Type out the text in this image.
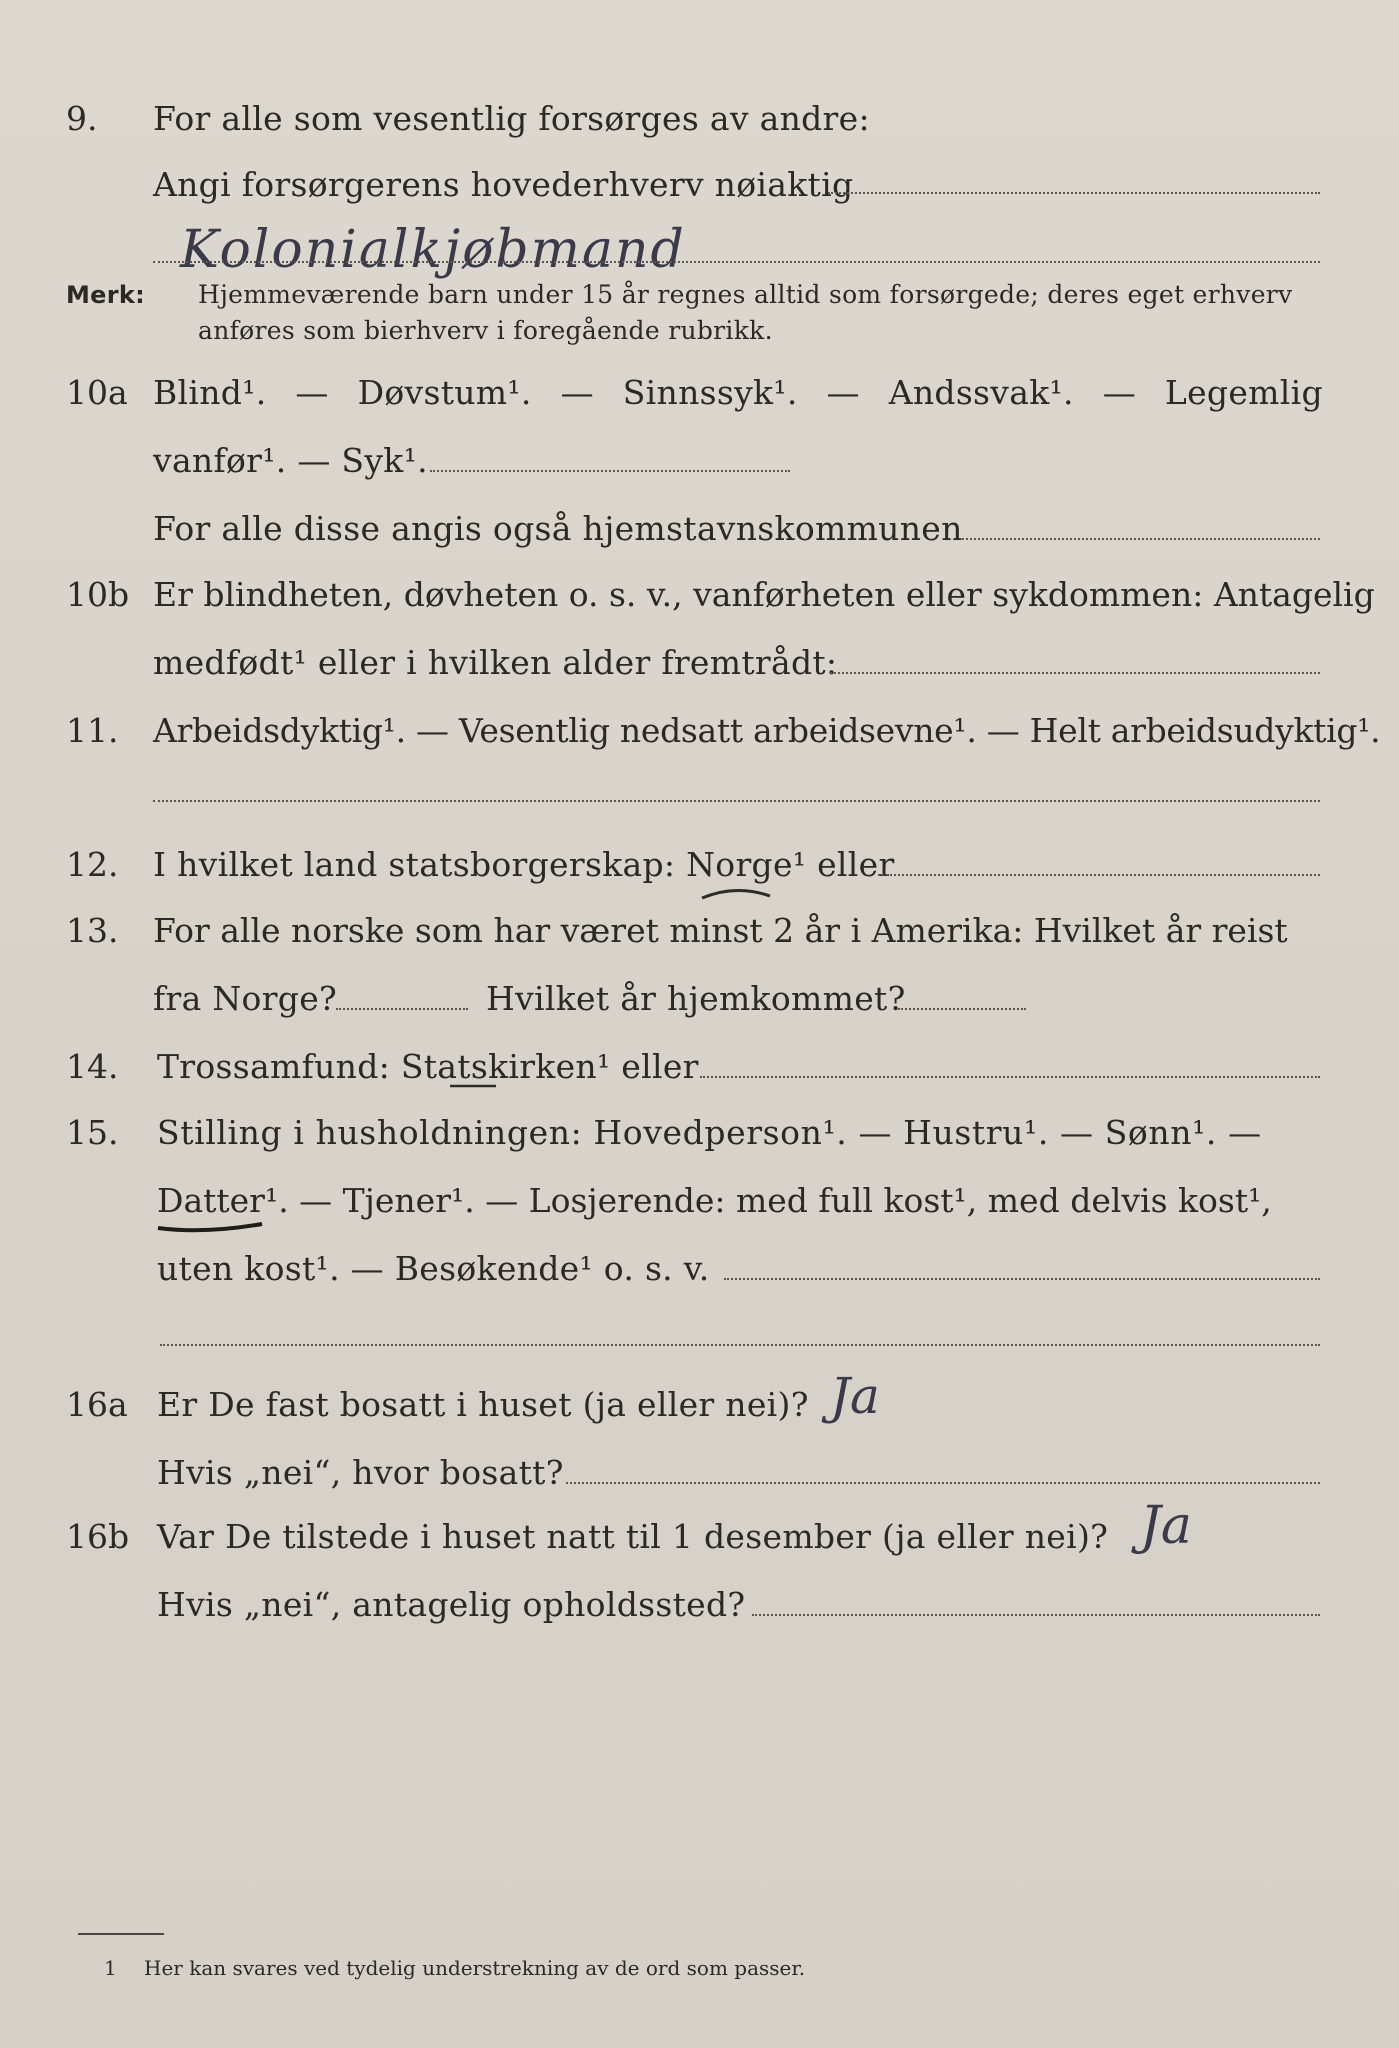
9.	For alle som vesentlig forsørges av andre:
Angi forsørgerens hovederhverv nøiaktig
Kolonialkjøbmand
Merk: Hjemmeværende barn under 15 år regnes alltid som forsørgede; deres eget erhverv
anføres som bierhverv i foregående rubrikk.
10a Blind¹. — Døvstum¹. — Sinnssyk¹. — Andssvak¹. — Legemlig
vanfør¹. — Syk¹.
For alle disse angis også hjemstavnskommunen
10b Er blindheten, døvheten o. s. v., vanførheten eller sykdommen: Antagelig
medfødt¹ eller i hvilken alder fremtrådt:
11.	Arbeidsdyktig¹. — Vesentlig nedsatt arbeidsevne¹. — Helt arbeidsudyktig¹.
12.	I hvilket land statsborgerskap: Norge¹ eller
13.	For alle norske som har været minst 2 år i Amerika: Hvilket år reist
fra Norge?	Hvilket år hjemkommet?
14.	Trossamfund: Statskirken¹ eller
15.	Stilling i husholdningen: Hovedperson¹. — Hustru¹. — Sønn¹. —
Datter¹. — Tjener¹. — Losjerende: med full kost¹, med delvis kost¹,
uten kost¹. — Besøkende¹ o. s. v.
16a Er De fast bosatt i huset (ja eller nei)? Ja
Hvis „nei“, hvor bosatt?
16b Var De tilstede i huset natt til 1 desember (ja eller nei)? Ja
Hvis „nei“, antagelig opholdssted?
1 Her kan svares ved tydelig understrekning av de ord som passer.
